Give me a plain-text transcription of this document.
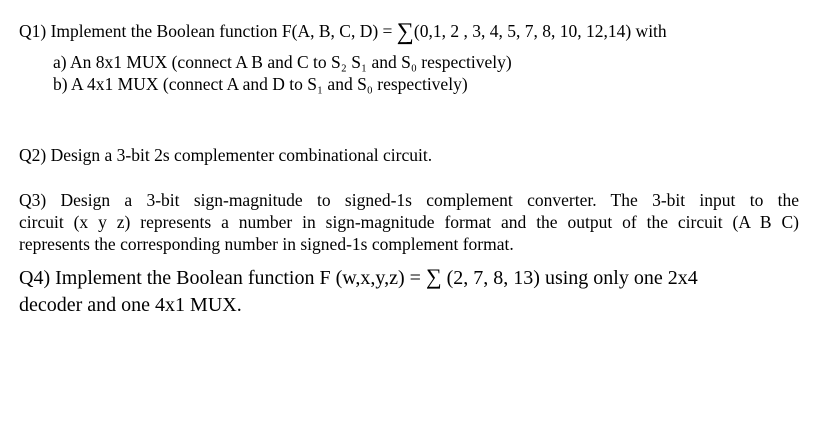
Q1) Implement the Boolean function F(A, B, C, D) = ∑(0,1, 2 , 3, 4, 5, 7, 8, 10, 12,14) with
a) An 8x1 MUX (connect A B and C to S₂ S₁ and S₀ respectively)
b) A 4x1 MUX (connect A and D to S₁ and S₀ respectively)
Q2) Design a 3-bit 2s complementer combinational circuit.
Q3) Design a 3-bit sign-magnitude to signed-1s complement converter. The 3-bit input to the
circuit (x y z) represents a number in sign-magnitude format and the output of the circuit (A B C)
represents the corresponding number in signed-1s complement format.
Q4) Implement the Boolean function F (w,x,y,z) = ∑ (2, 7, 8, 13) using only one 2x4
decoder and one 4x1 MUX.
